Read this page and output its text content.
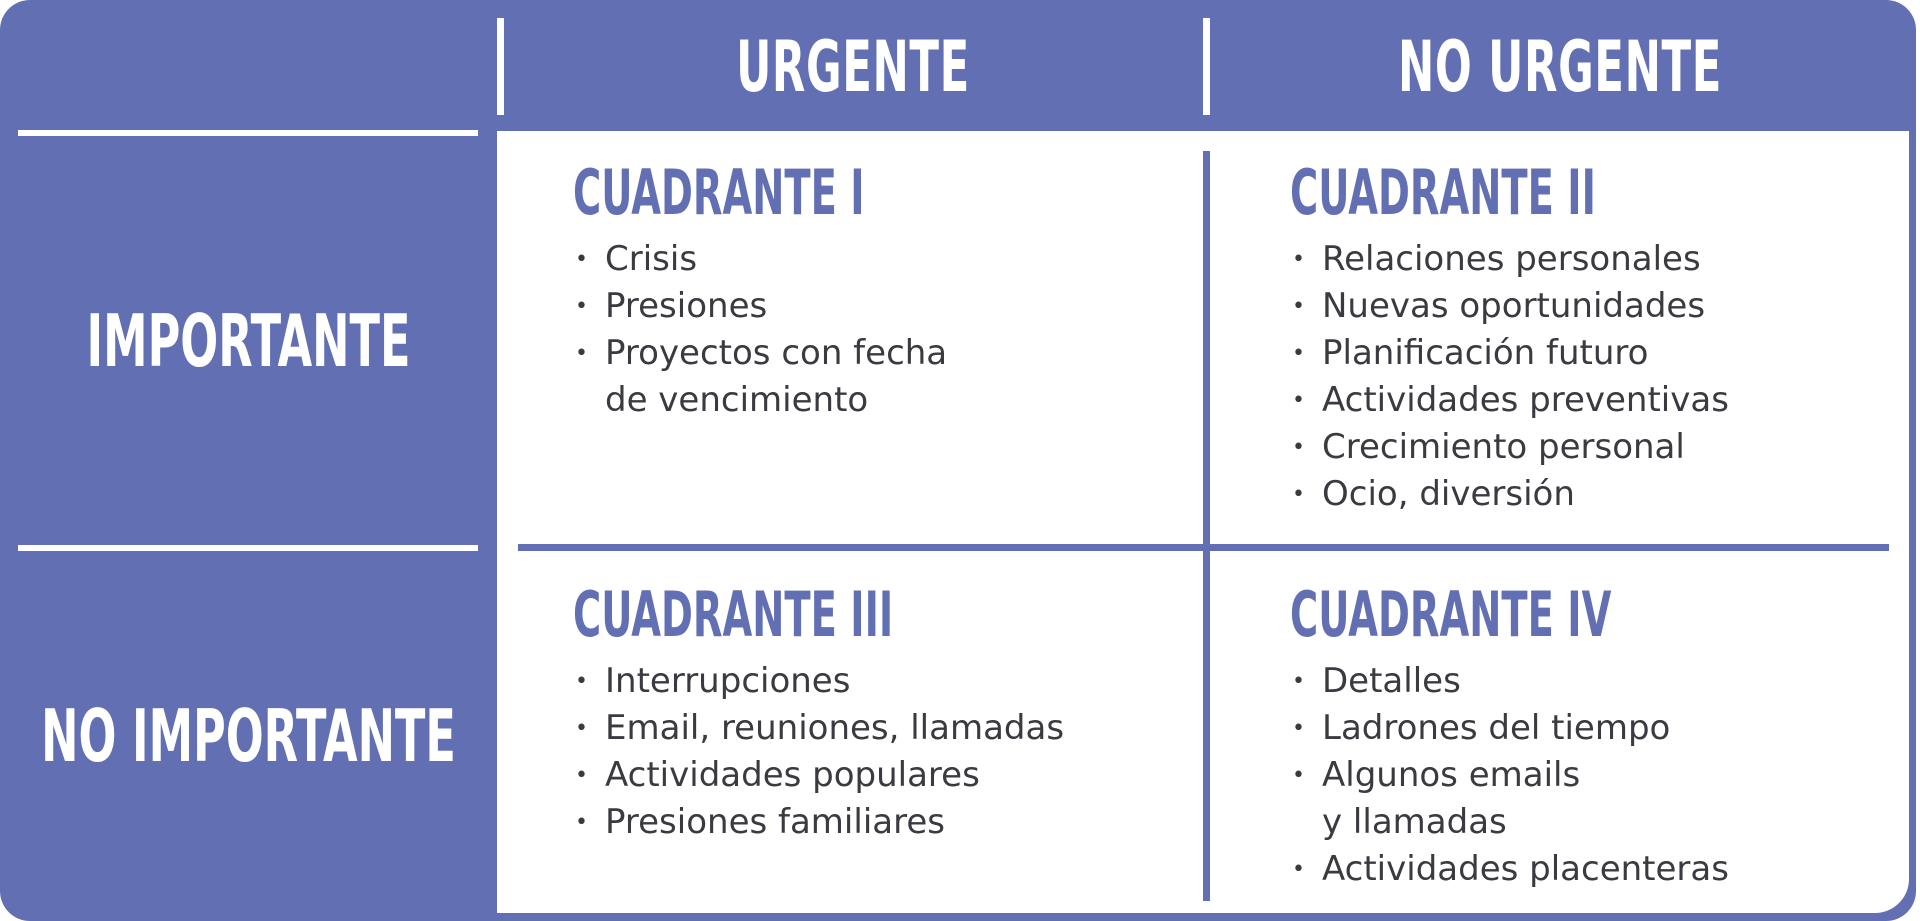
URGENTE	NO URGENTE
IMPORTANTE
NO IMPORTANTE
CUADRANTE I
• Crisis
• Presiones
• Proyectos con fecha
de vencimiento
CUADRANTE II
• Relaciones personales
• Nuevas oportunidades
• Planificación futuro
• Actividades preventivas
• Crecimiento personal
• Ocio, diversión
CUADRANTE III
• Interrupciones
• Email, reuniones, llamadas
• Actividades populares
• Presiones familiares
CUADRANTE IV
• Detalles
• Ladrones del tiempo
• Algunos emails
y llamadas
• Actividades placenteras
